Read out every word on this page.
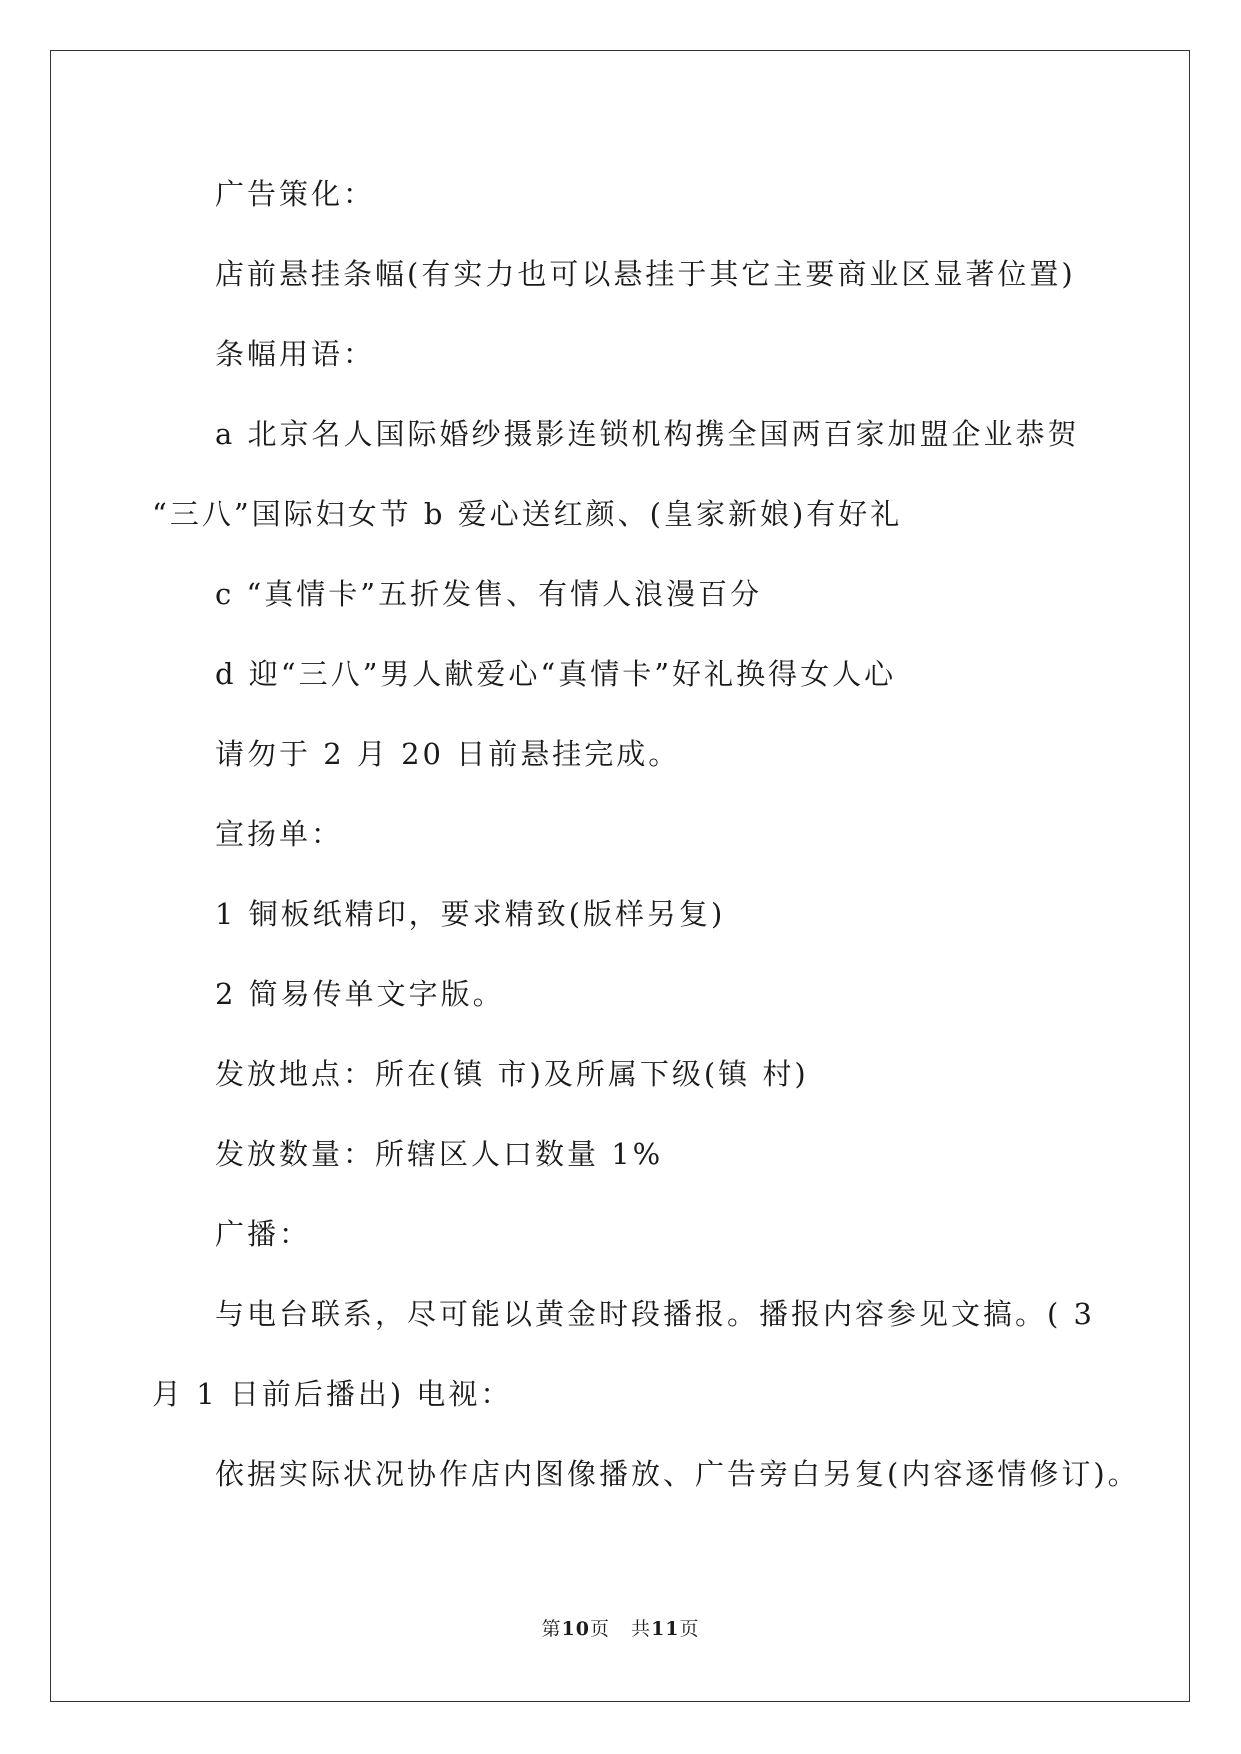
广告策化：

店前悬挂条幅(有实力也可以悬挂于其它主要商业区显著位置)

条幅用语：

a 北京名人国际婚纱摄影连锁机构携全国两百家加盟企业恭贺

“三八”国际妇女节 b 爱心送红颜、(皇家新娘)有好礼

c “真情卡”五折发售、有情人浪漫百分

d 迎“三八”男人献爱心“真情卡”好礼换得女人心

请勿于 2 月 20 日前悬挂完成。

宣扬单：

1 铜板纸精印，要求精致(版样另复)

2 简易传单文字版。

发放地点：所在(镇 市)及所属下级(镇 村)

发放数量：所辖区人口数量 1%

广播：

与电台联系，尽可能以黄金时段播报。播报内容参见文搞。( 3

月 1 日前后播出) 电视：

依据实际状况协作店内图像播放、广告旁白另复(内容逐情修订)。

第10页   共11页
